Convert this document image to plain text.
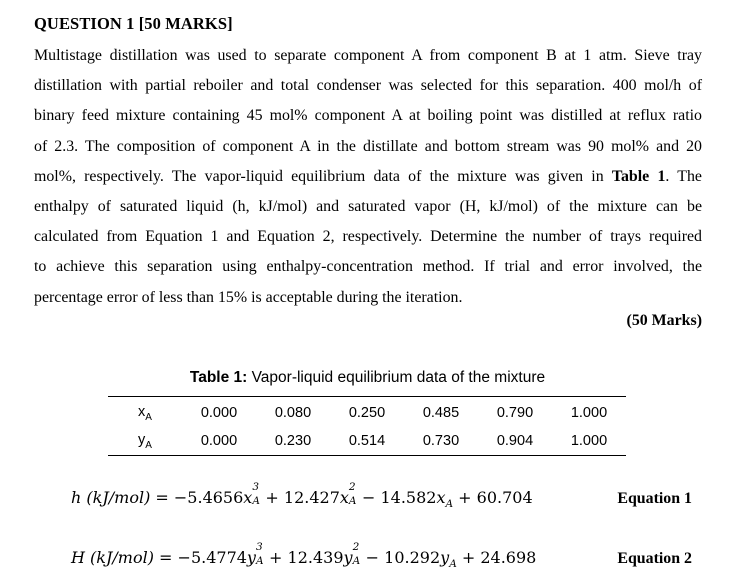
QUESTION 1 [50 MARKS]
Multistage distillation was used to separate component A from component B at 1 atm. Sieve tray
distillation with partial reboiler and total condenser was selected for this separation. 400 mol/h of
binary feed mixture containing 45 mol% component A at boiling point was distilled at reflux ratio
of 2.3. The composition of component A in the distillate and bottom stream was 90 mol% and 20
mol%, respectively. The vapor-liquid equilibrium data of the mixture was given in Table 1. The
enthalpy of saturated liquid (h, kJ/mol) and saturated vapor (H, kJ/mol) of the mixture can be
calculated from Equation 1 and Equation 2, respectively. Determine the number of trays required
to achieve this separation using enthalpy-concentration method. If trial and error involved, the
percentage error of less than 15% is acceptable during the iteration.
(50 Marks)
Table 1: Vapor-liquid equilibrium data of the mixture
$x_A$	0.000	0.080	0.250	0.485	0.790	1.000
$y_A$	0.000	0.230	0.514	0.730	0.904	1.000
h (kJ/mol) = −5.4656x
3
A + 12.427x
2
$A - 14.582x_A + 60.704$	Equation 1
H (kJ/mol) = −5.4774y
3
A + 12.439y
2
$A - 10.292y_A + 24.698$	Equation 2
